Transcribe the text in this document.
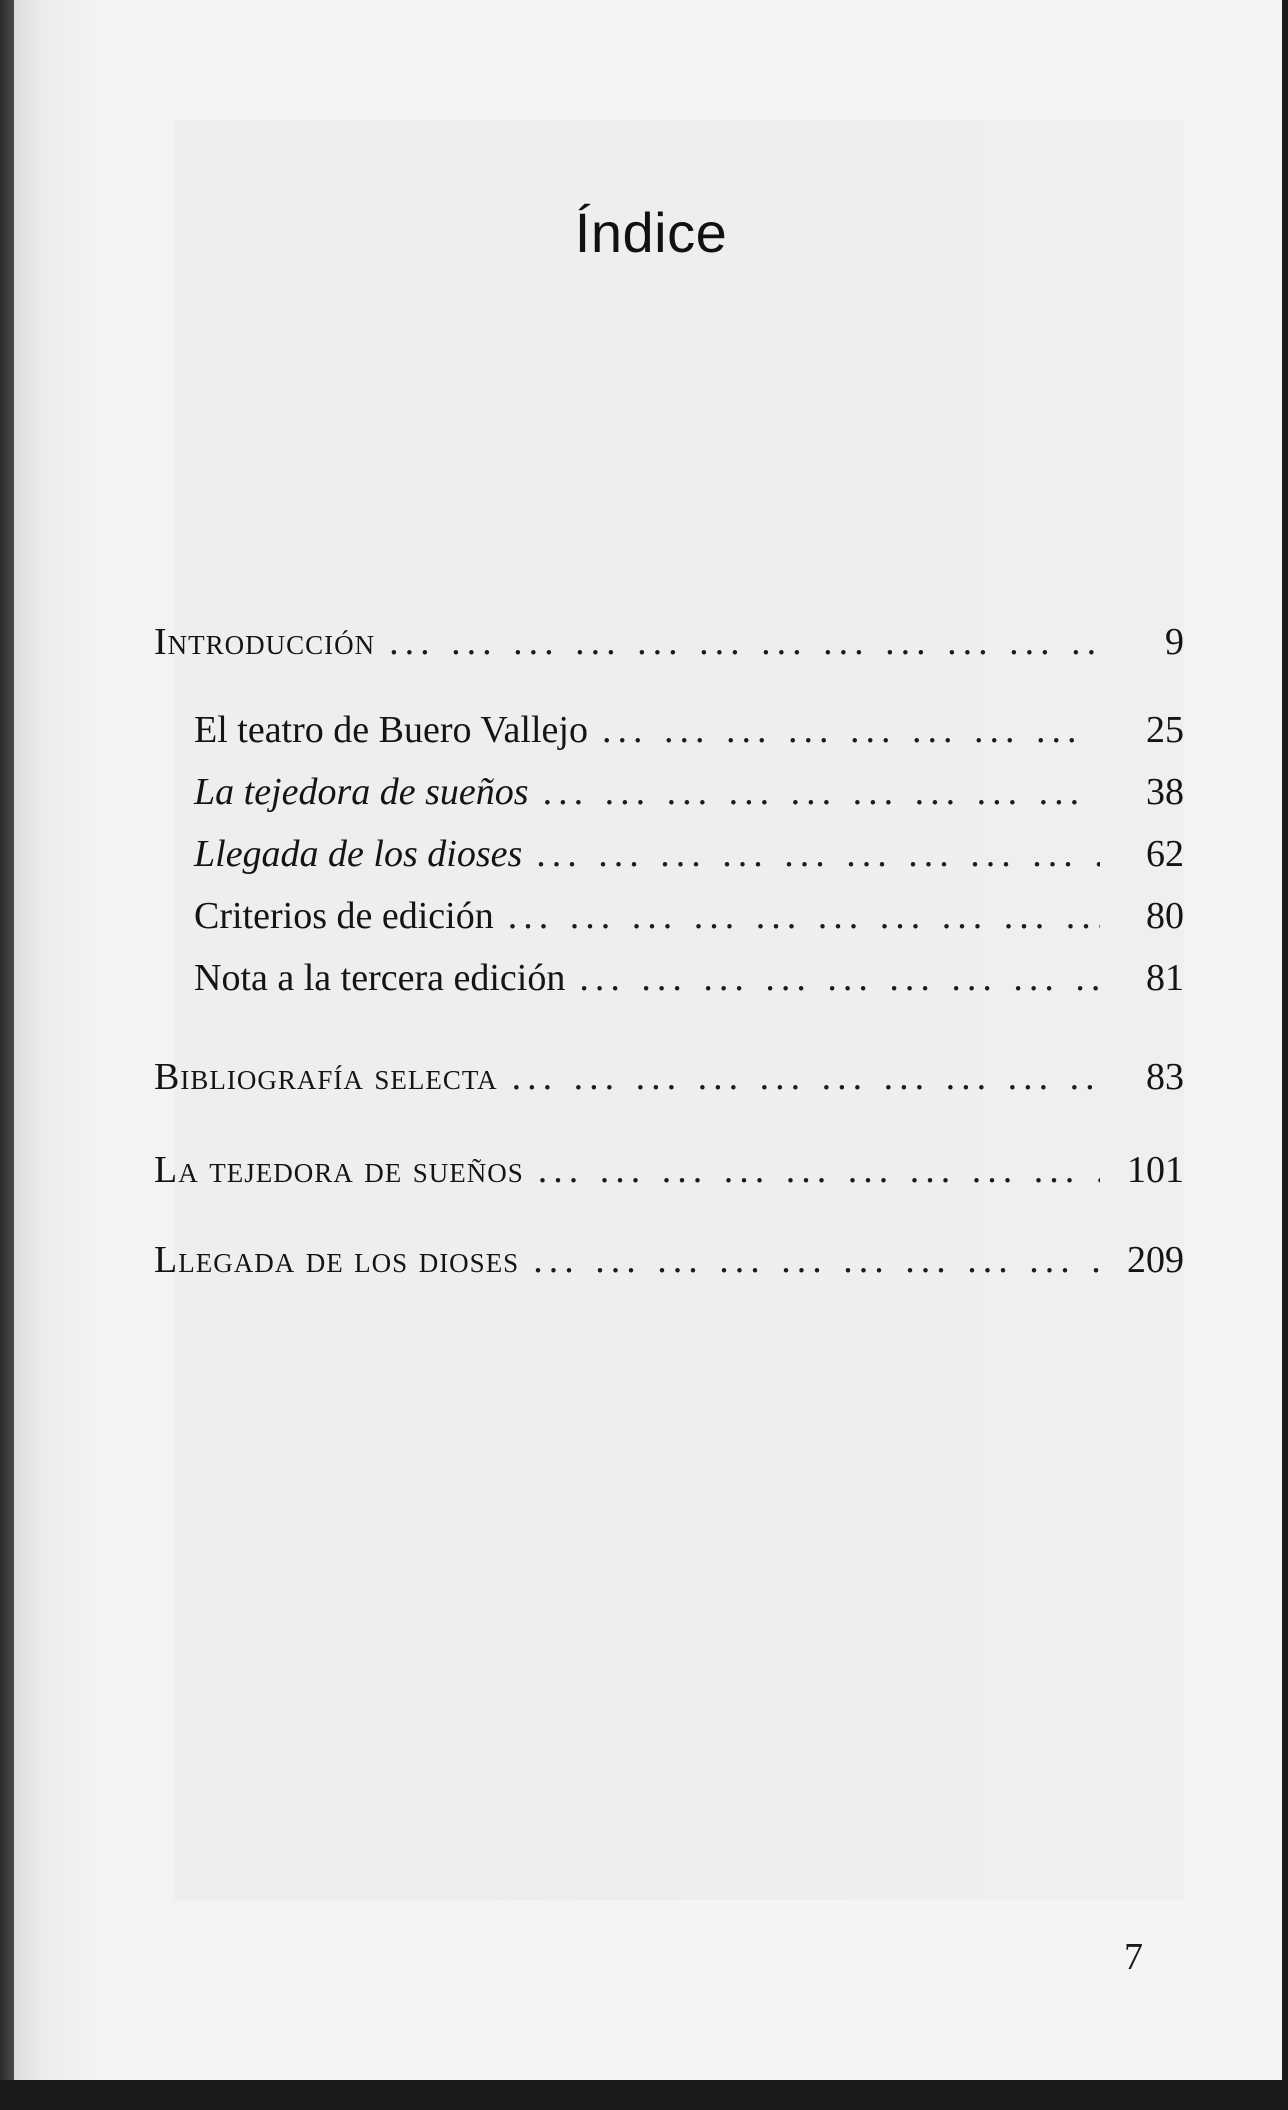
Índice
Introducción ... .	9
El teatro de Buero Vallejo ... .	25
La tejedora de sueños ... .	38
Llegada de los dioses ... .	62
Criterios de edición ... .	80
Nota a la tercera edición ... .	81
Bibliografía selecta ... .	83
La tejedora de sueños ... .	101
Llegada de los dioses ... .	209
7
